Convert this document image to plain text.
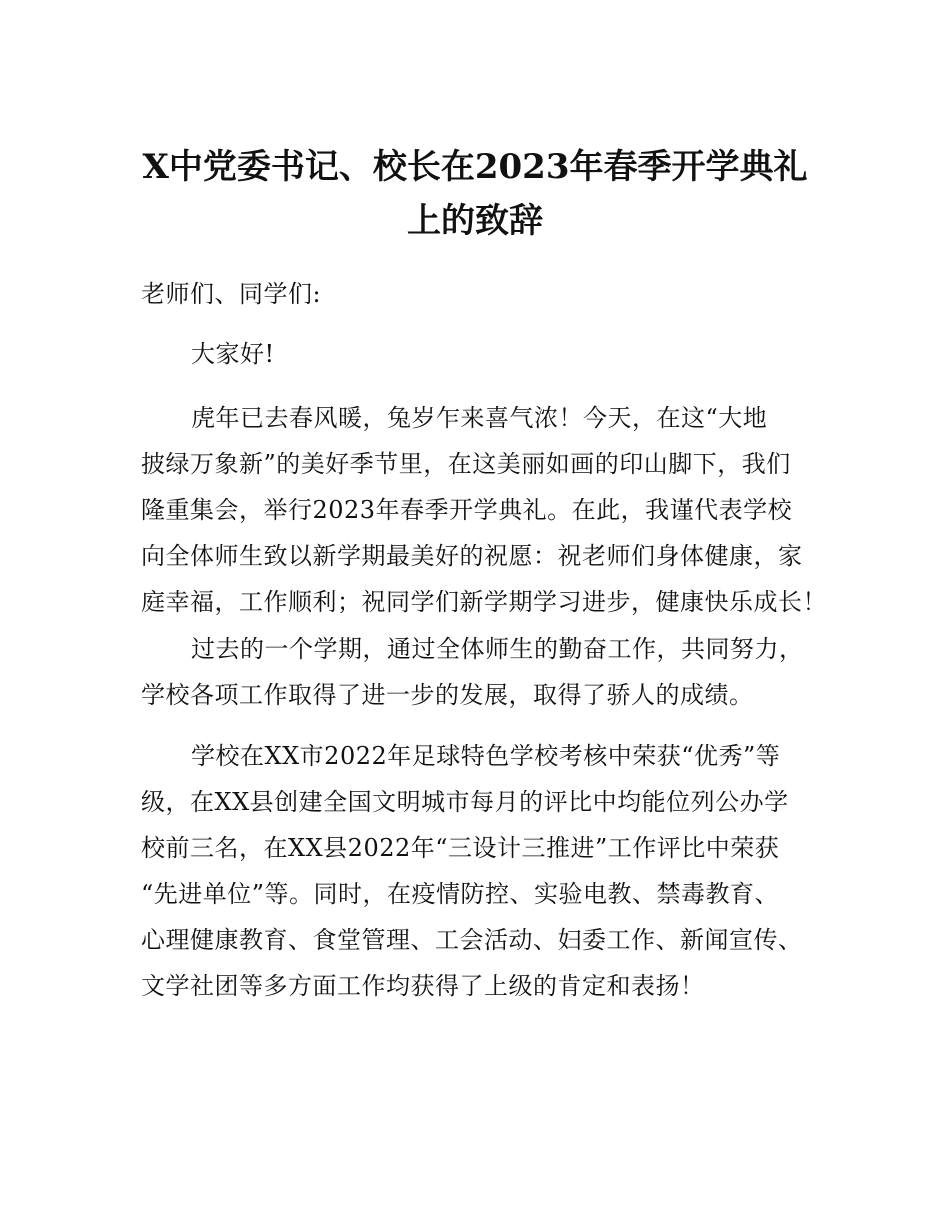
X中党委书记、校长在2023年春季开学典礼
上的致辞

老师们、同学们:

大家好!

虎年已去春风暖，兔岁乍来喜气浓！今天，在这“大地
披绿万象新”的美好季节里，在这美丽如画的印山脚下，我们
隆重集会，举行2023年春季开学典礼。在此，我谨代表学校
向全体师生致以新学期最美好的祝愿：祝老师们身体健康，家
庭幸福，工作顺利；祝同学们新学期学习进步，健康快乐成长！

过去的一个学期，通过全体师生的勤奋工作，共同努力，
学校各项工作取得了进一步的发展，取得了骄人的成绩。

学校在XX市2022年足球特色学校考核中荣获“优秀”等
级，在XX县创建全国文明城市每月的评比中均能位列公办学
校前三名，在XX县2022年“三设计三推进”工作评比中荣获
“先进单位”等。同时，在疫情防控、实验电教、禁毒教育、
心理健康教育、食堂管理、工会活动、妇委工作、新闻宣传、
文学社团等多方面工作均获得了上级的肯定和表扬！
